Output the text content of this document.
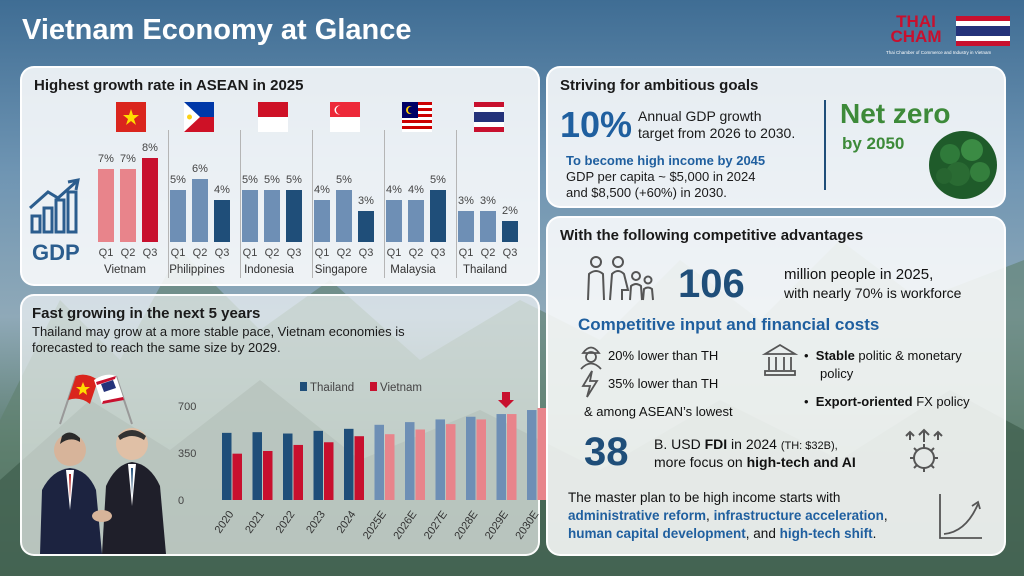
Vietnam Economy at Glance	THAI
CHAM
Thai Chamber of Commerce and Industry in Vietnam
Highest growth rate in ASEAN in 2025
GDP
7%
Q1
7%
Q2
8%
Q3
Vietnam
5%
Q1
6%
Q2
4%
Q3
Philippines
5%
Q1
5%
Q2
5%
Q3
Indonesia
4%
Q1
5%
Q2
3%
Q3
Singapore
4%
Q1
4%
Q2
5%
Q3
Malaysia
3%
Q1
3%
Q2
2%
Q3
Thailand
Fast growing in the next 5 years
Thailand may grow at a more stable pace, Vietnam economies is
forecasted to reach the same size by 2029.
0
350
700
Thailand Vietnam
2020 2021 2022 2023 2024 2025E 2026E 2027E 2028E 2029E 2030E
Striving for ambitious goals
10% Annual GDP growth
target from 2026 to 2030.
To become high income by 2045
GDP per capita ~ $5,000 in 2024
and $8,500 (+60%) in 2030.
Net zero
by 2050
With the following competitive advantages
106	million people in 2025,
with nearly 70% is workforce
Competitive input and financial costs
20% lower than TH
35% lower than TH
& among ASEAN’s lowest
•  Stable politic & monetary
policy
•  Export-oriented FX policy
38 B. USD FDI in 2024 (TH: $32B),
more focus on high-tech and AI
The master plan to be high income starts with
administrative reform, infrastructure acceleration,
human capital development, and high-tech shift.
